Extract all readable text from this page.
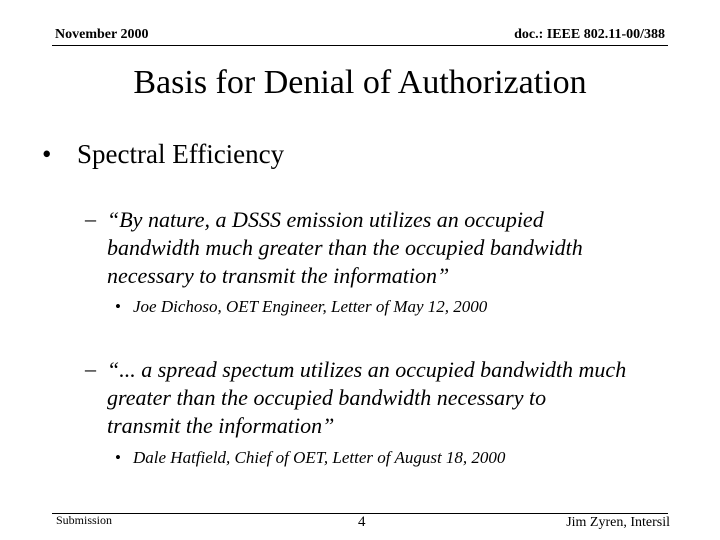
November 2000	doc.: IEEE 802.11-00/388
Basis for Denial of Authorization
• Spectral Efficiency
– “By nature, a DSSS emission utilizes an occupied
bandwidth much greater than the occupied bandwidth
necessary to transmit the information”
• Joe Dichoso, OET Engineer, Letter of May 12, 2000
– “... a spread spectum utilizes an occupied bandwidth much
greater than the occupied bandwidth necessary to
transmit the information”
• Dale Hatfield, Chief of OET, Letter of August 18, 2000
Submission	4	Jim Zyren, Intersil
